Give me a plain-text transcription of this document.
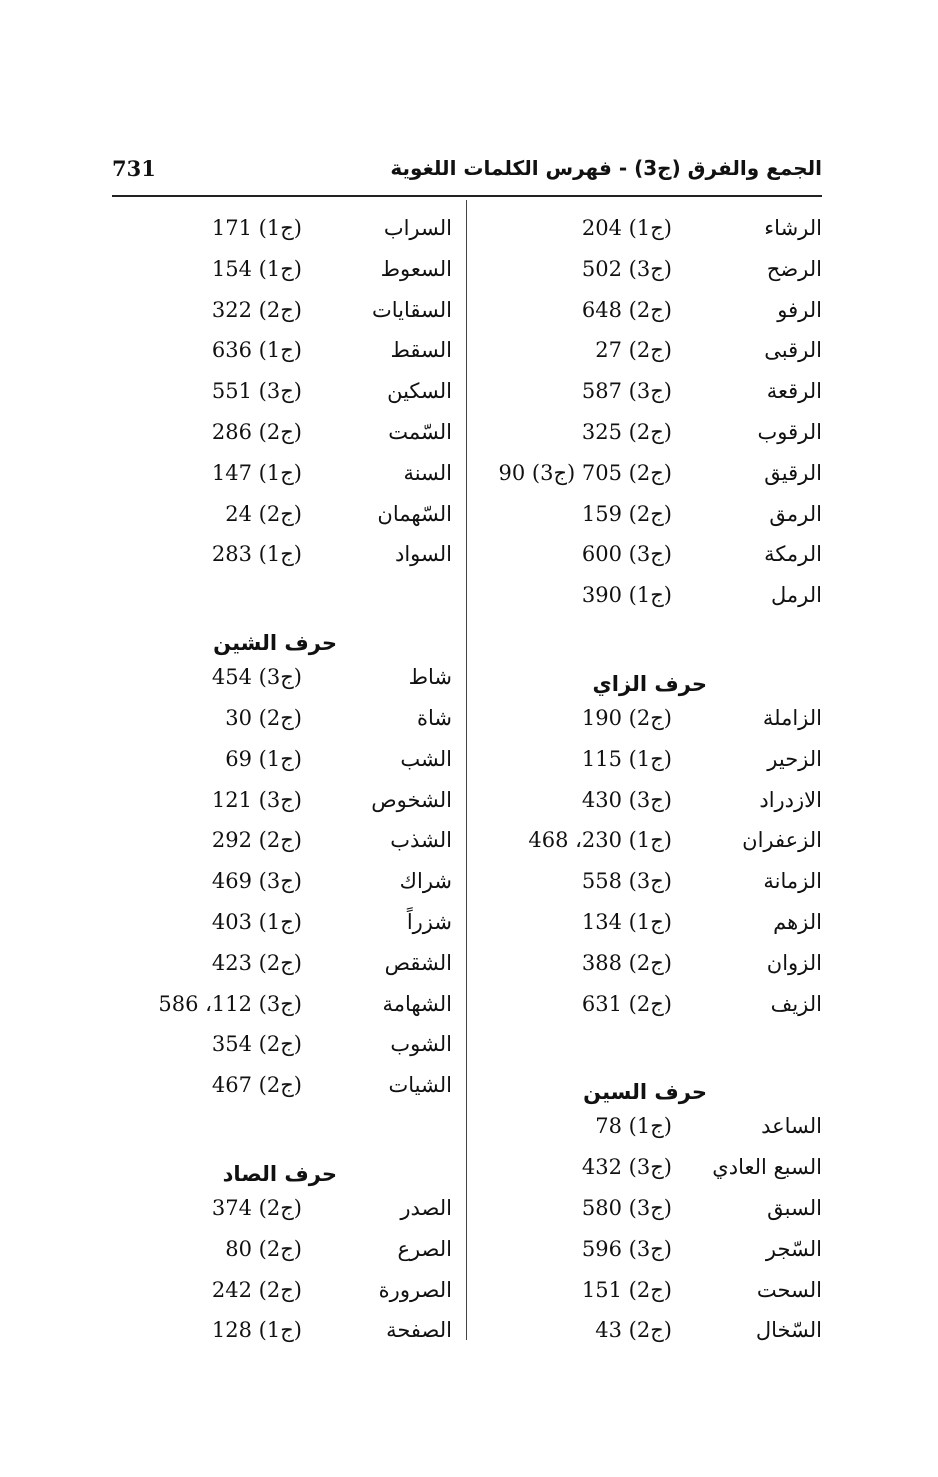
الجمع والفرق (ج3) - فهرس الكلمات اللغوية
731
الرشاء
(ج1) 204
الرضح
(ج3) 502
الرفو
(ج2) 648
الرقبى
(ج2) 27
الرقعة
(ج3) 587
الرقوب
(ج2) 325
الرقيق
(ج2) 705 (ج3) 90
الرمق
(ج2) 159
الرمكة
(ج3) 600
الرمل
(ج1) 390
حرف الزاي
الزاملة
(ج2) 190
الزحير
(ج1) 115
الازدراد
(ج3) 430
الزعفران
(ج1) 230، 468
الزمانة
(ج3) 558
الزهم
(ج1) 134
الزوان
(ج2) 388
الزيف
(ج2) 631
حرف السين
الساعد
(ج1) 78
السبع العادي
(ج3) 432
السبق
(ج3) 580
السّجر
(ج3) 596
السحت
(ج2) 151
السّخال
(ج2) 43
السراب
(ج1) 171
السعوط
(ج1) 154
السقايات
(ج2) 322
السقط
(ج1) 636
السكين
(ج3) 551
السّمت
(ج2) 286
السنة
(ج1) 147
السّهمان
(ج2) 24
السواد
(ج1) 283
حرف الشين
شاط
(ج3) 454
شاة
(ج2) 30
الشب
(ج1) 69
الشخوص
(ج3) 121
الشذب
(ج2) 292
شراك
(ج3) 469
شزراً
(ج1) 403
الشقص
(ج2) 423
الشهامة
(ج3) 112، 586
الشوب
(ج2) 354
الشيات
(ج2) 467
حرف الصاد
الصدر
(ج2) 374
الصرع
(ج2) 80
الصرورة
(ج2) 242
الصفحة
(ج1) 128
